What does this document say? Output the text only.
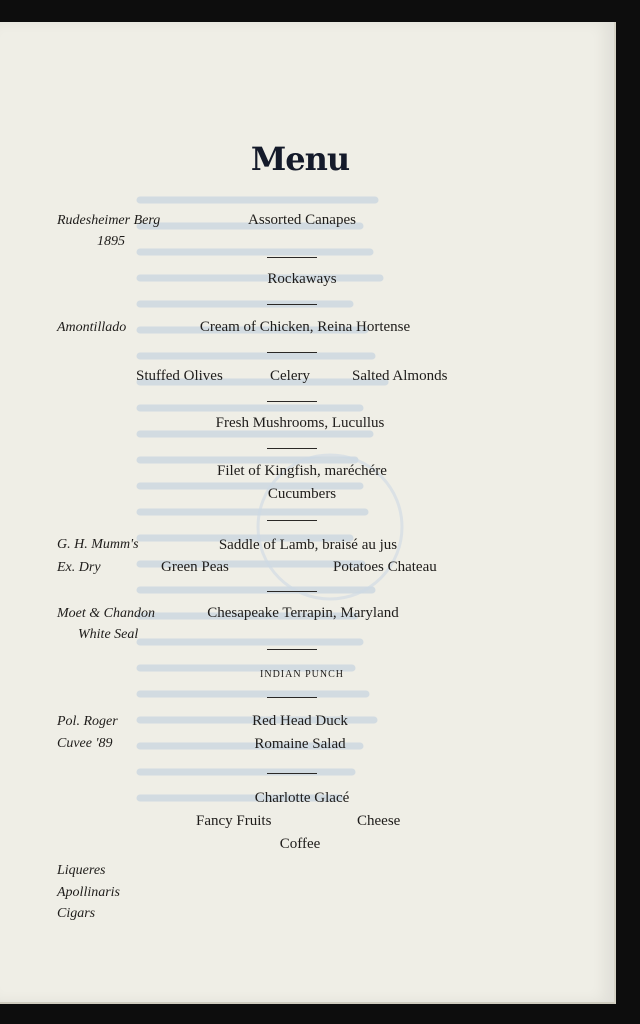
Menu
Rudesheimer Berg
1895
Amontillado
G. H. Mumm's
Ex. Dry
Moet & Chandon
White Seal
Pol. Roger
Cuvee '89
Assorted Canapes
Rockaways
Cream of Chicken, Reina Hortense
Stuffed Olives	Celery	Salted Almonds
Fresh Mushrooms, Lucullus
Filet of Kingfish, maréchére
Cucumbers
Saddle of Lamb, braisé au jus
Green Peas	Potatoes Chateau
Chesapeake Terrapin, Maryland
INDIAN PUNCH
Red Head Duck
Romaine Salad
Charlotte Glacé
Fancy Fruits	Cheese
Coffee
Liqueres
Apollinaris
Cigars
